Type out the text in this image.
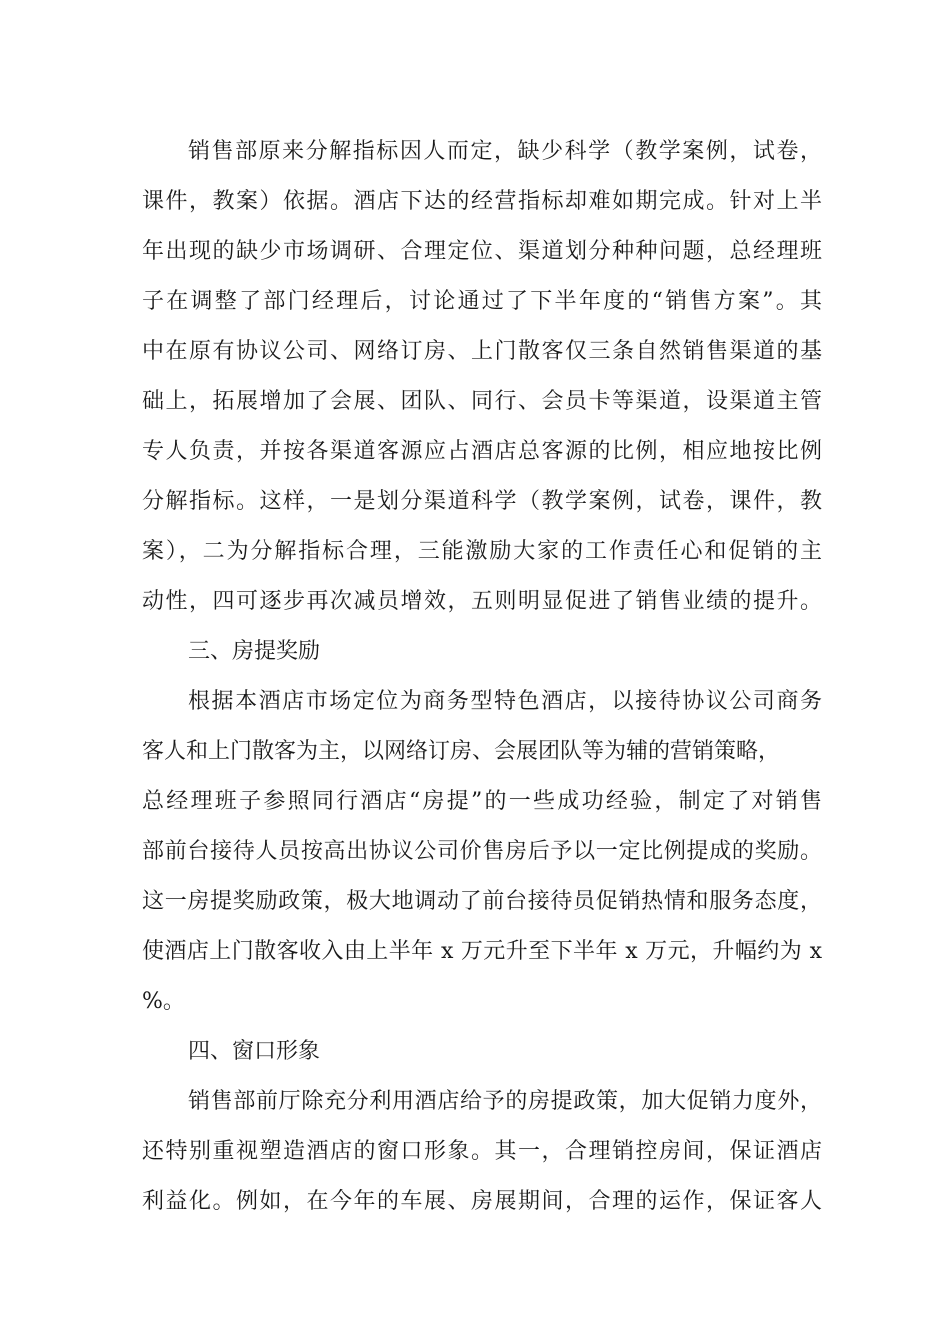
销售部原来分解指标因人而定，缺少科学（教学案例，试卷，
课件，教案）依据。酒店下达的经营指标却难如期完成。针对上半
年出现的缺少市场调研、合理定位、渠道划分种种问题，总经理班
子在调整了部门经理后，讨论通过了下半年度的“销售方案”。其
中在原有协议公司、网络订房、上门散客仅三条自然销售渠道的基
础上，拓展增加了会展、团队、同行、会员卡等渠道，设渠道主管
专人负责，并按各渠道客源应占酒店总客源的比例，相应地按比例
分解指标。这样，一是划分渠道科学（教学案例，试卷，课件，教
案），二为分解指标合理，三能激励大家的工作责任心和促销的主
动性，四可逐步再次减员增效，五则明显促进了销售业绩的提升。
三、房提奖励
根据本酒店市场定位为商务型特色酒店，以接待协议公司商务
客人和上门散客为主，以网络订房、会展团队等为辅的营销策略，
总经理班子参照同行酒店“房提”的一些成功经验，制定了对销售
部前台接待人员按高出协议公司价售房后予以一定比例提成的奖励。
这一房提奖励政策，极大地调动了前台接待员促销热情和服务态度，
使酒店上门散客收入由上半年 x 万元升至下半年 x 万元，升幅约为 x
%。
四、窗口形象
销售部前厅除充分利用酒店给予的房提政策，加大促销力度外，
还特别重视塑造酒店的窗口形象。其一，合理销控房间，保证酒店
利益化。例如，在今年的车展、房展期间，合理的运作，保证客人
